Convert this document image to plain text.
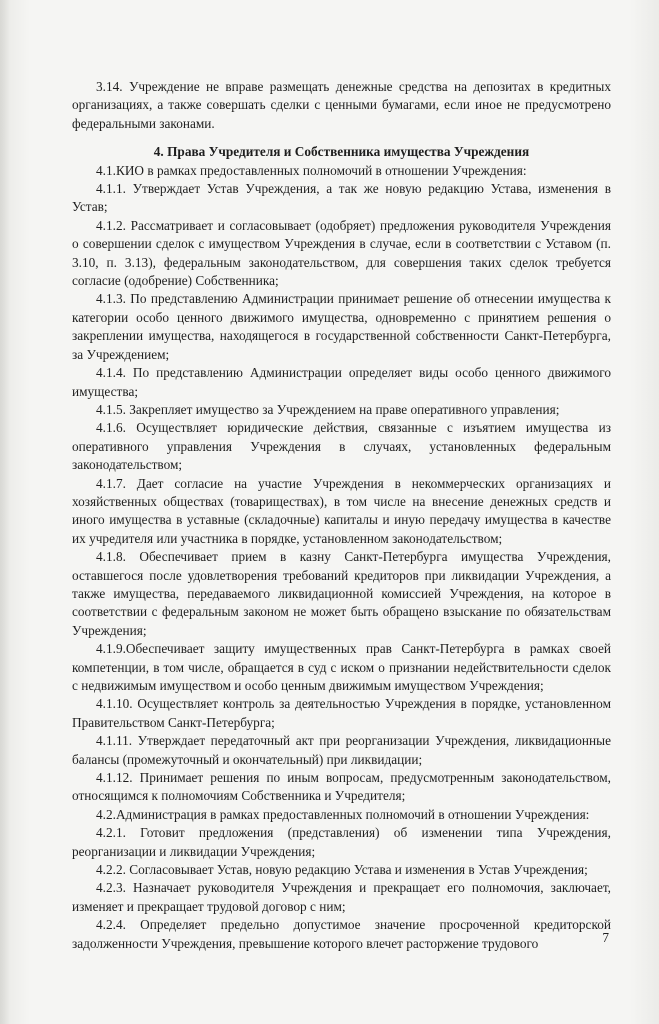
3.14. Учреждение не вправе размещать денежные средства на депозитах в кредитных организациях, а также совершать сделки с ценными бумагами, если иное не предусмотрено федеральными законами.

4. Права Учредителя и Собственника имущества Учреждения

4.1.КИО в рамках предоставленных полномочий в отношении Учреждения:

4.1.1. Утверждает Устав Учреждения, а так же новую редакцию Устава, изменения в Устав;

4.1.2. Рассматривает и согласовывает (одобряет) предложения руководителя Учреждения о совершении сделок с имуществом Учреждения в случае, если в соответствии с Уставом (п. 3.10, п. 3.13), федеральным законодательством, для совершения таких сделок требуется согласие (одобрение) Собственника;

4.1.3. По представлению Администрации принимает решение об отнесении имущества к категории особо ценного движимого имущества, одновременно с принятием решения о закреплении имущества, находящегося в государственной собственности Санкт-Петербурга, за Учреждением;

4.1.4. По представлению Администрации определяет виды особо ценного движимого имущества;

4.1.5. Закрепляет имущество за Учреждением на праве оперативного управления;

4.1.6. Осуществляет юридические действия, связанные с изъятием имущества из оперативного управления Учреждения в случаях, установленных федеральным законодательством;

4.1.7. Дает согласие на участие Учреждения в некоммерческих организациях и хозяйственных обществах (товариществах), в том числе на внесение денежных средств и иного имущества в уставные (складочные) капиталы и иную передачу имущества в качестве их учредителя или участника в порядке, установленном законодательством;

4.1.8. Обеспечивает прием в казну Санкт-Петербурга имущества Учреждения, оставшегося после удовлетворения требований кредиторов при ликвидации Учреждения, а также имущества, передаваемого ликвидационной комиссией Учреждения, на которое в соответствии с федеральным законом не может быть обращено взыскание по обязательствам Учреждения;

4.1.9.Обеспечивает защиту имущественных прав Санкт-Петербурга в рамках своей компетенции, в том числе, обращается в суд с иском о признании недействительности сделок с недвижимым имуществом и особо ценным движимым имуществом Учреждения;

4.1.10. Осуществляет контроль за деятельностью Учреждения в порядке, установленном Правительством Санкт-Петербурга;

4.1.11. Утверждает передаточный акт при реорганизации Учреждения, ликвидационные балансы (промежуточный и окончательный) при ликвидации;

4.1.12. Принимает решения по иным вопросам, предусмотренным законодательством, относящимся к полномочиям Собственника и Учредителя;

4.2.Администрация в рамках предоставленных полномочий в отношении Учреждения:

4.2.1. Готовит предложения (представления) об изменении типа Учреждения, реорганизации и ликвидации Учреждения;

4.2.2. Согласовывает Устав, новую редакцию Устава и изменения в Устав Учреждения;

4.2.3. Назначает руководителя Учреждения и прекращает его полномочия, заключает, изменяет и прекращает трудовой договор с ним;

4.2.4. Определяет предельно допустимое значение просроченной кредиторской задолженности Учреждения, превышение которого влечет расторжение трудового	7
